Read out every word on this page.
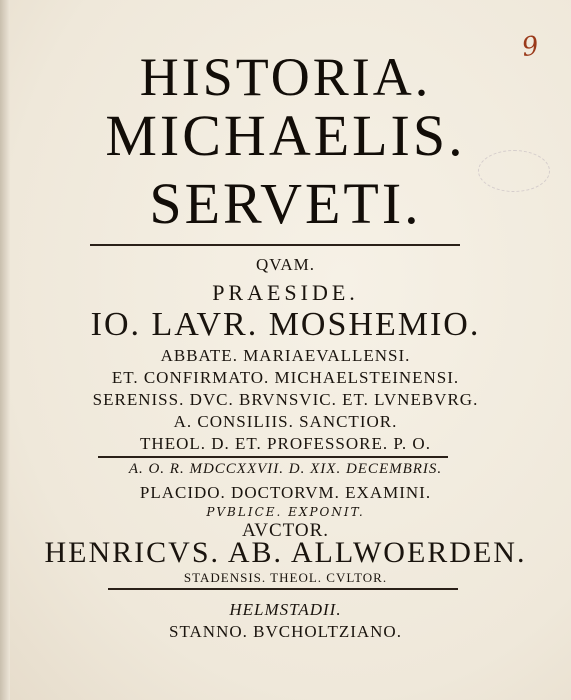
9
HISTORIA.
MICHAELIS.
SERVETI.
QVAM.
PRAESIDE.
IO. LAVR. MOSHEMIO.
ABBATE. MARIAEVALLENSI.
ET. CONFIRMATO. MICHAELSTEINENSI.
SERENISS. DVC. BRVNSVIC. ET. LVNEBVRG.
A. CONSILIIS. SANCTIOR.
THEOL. D. ET. PROFESSORE. P. O.
A. O. R. MDCCXXVII. D. XIX. DECEMBRIS.
PLACIDO. DOCTORVM. EXAMINI.
PVBLICE. EXPONIT.
AVCTOR.
HENRICVS. AB. ALLWOERDEN.
STADENSIS. THEOL. CVLTOR.
HELMSTADII.
STANNO. BVCHOLTZIANO.
